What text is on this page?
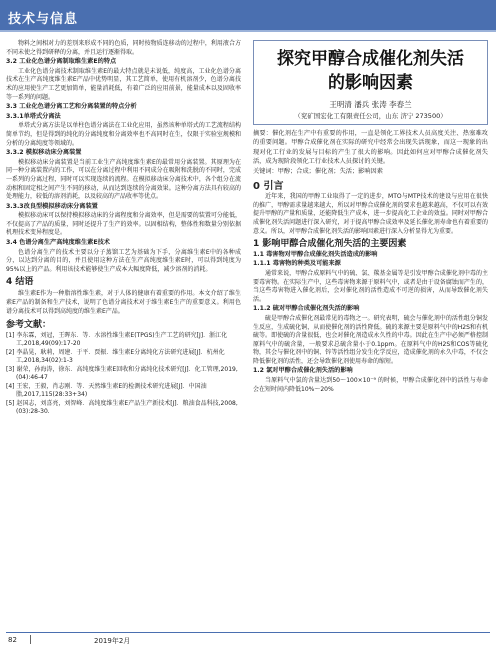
技术与信息

物料之间相对力的差别来形成不同的色质，同时按物质连移动的过程中，利用液合方不同未使之得到研释的分离，并且运行逐渐得取。

3.2 工业化色谱分离制取维生素E的特点

工业化色谱分离技术制取维生素E的最大特点就是未说低，纯度高，工业化色谱分离技术在生产高纯度维生素E产品中优势明显，其工艺简单，使用有机溶剂少，色谱分离技术的应用使生产工艺更加简单，能量消耗低，有着广泛的应用前景，能量成本以及固收率等一系列的问题。

3.3 工业化色谱分离工艺和分离装置的特点分析
3.3.1单塔式分离法

单塔式分离方法是以单柱色谱分离法在工业化应用，虽然该种单塔式的工艺流程结构简单节约，但是得到的纯化的分离纯度和分离效率也不高同时在生，仅限于实验室规模和分析的分离纯度等领域的。

3.3.2 模拟移动床分离装置

模拟移动床分离装置是当前工业生产高纯度维生素E的最常用分离装置。其原理为在同一种分离装置内的工作，可以在分离过程中利用不同成分在吸附和洗脱的不同时，完成一系列的分离过程，同时可以实现连续的流程。在模拟移动床分离技术中，各个组分在流动相和固定相之间产生不同的移动，从而达到连续的分离效果。这种分离方法具有较高的处理能力，较低的溶剂消耗，以及较高的产品收率等优点。

3.3.3改良型模拟移动床分离装置

模拟移动床可以保持模拟移动床的分离程度和分离效率，但是需要的装置可分能低，不仅提高了产品的质量，同时还提升了生产的效率。以固相结构，整体性和数量分别依据机理技术变异程度是。

3.4 色谱分离生产高纯度维生素E技术

色谱分离生产的技术主要以分子蒸馏工艺为基础为下手，分离维生素E中的各种成分，以达到分离的目的，并且使用这种方法在生产高纯度维生素E时，可以得到纯度为95%以上的产品。利用该技术能够使生产成本大幅度降低，减少溶剂的消耗。

4 结语

维生素E作为一种脂溶性维生素，对于人体的健康有着重要的作用。本文介绍了维生素E产品的制备和生产技术，说明了色谱分离技术对于维生素E生产的重要意义。利用色谱分离技术可以得到高纯度的维生素E产品。

参考文献：

[1] 李东霖，刘冠，王晖东．等．水溶性维生素E(TPGS)生产工艺的研究[J]．浙江化工,2018,49(09):17-20

[2] 李晶晃，耿莉，周建．于平．贾振．维生素E分离纯化方法研究进展[J]．杭州化工,2018,34(02):1-3

[3] 谢荣，孙海涛，徐东．高纯度维生素E回收和分离纯化技术研究[J]．化工管理,2019,(04):46-47

[4] 王宏，王毅，肖志刚．等．天然维生素E的检测技术研究进展[J]．中国油脂,2017,115(28:33+34)

[5] 赵国志，刘喜亮，刘智峰．高纯度维生素E产品生产新技术[J]．粮油食品科技,2008,(03):28-30.

探究甲醇合成催化剂失活
的影响因素
王明清 潘兵 张涛 李春兰
（兖矿国宏化工有限责任公司，山东 济宁 273500）

摘要：催化剂在生产中有重要的作用，一直是领化工界技术人员高度关注、热塞难攻的重要问题。甲醇合成催化剂在实际的研究中经常会出现失活现象，而这一现象的出现对化工行业的发展与目标的产生了很大的影响。因此如何应对甲醇合成催化剂失活，成为现阶段领化工行业技术人员探讨的关键。

关键词：甲醇；合成；催化剂；失活；影响因素
0 引言

近年来，我国的甲醇工业取得了一定的进步，MTO与MTP技术的建设与应用在很快的推广，甲醇需求量越来越大，所以对甲醇合成催化剂的要求也越来越高，不仅可以有效提升甲醇的产量和质量，还能降低生产成本，进一步提高化工企业的效益。同时对甲醇合成催化剂失活问题进行深入研究，对于提高甲醇合成效率及延长催化剂寿命也有着重要的意义。所以，对甲醇合成催化剂失活的影响因素进行深入分析显得尤为重要。

1 影响甲醇合成催化剂失活的主要因素
1.1 毒害物对甲醇合成催化剂失活造成的影响
1.1.1 毒害物的种类及可能来源

通常来说，甲醇合成原料气中的硫、氯、羰基金属等是引发甲醇合成催化剂中毒的主要毒害物。在实际生产中，这些毒害物来源于原料气中，或者是由于设备腐蚀而产生的，当这些毒害物进入催化剂后，会对催化剂的活性造成不可逆的损害，从而导致催化剂失活。

1.1.2 硫对甲醇合成催化剂失活的影响

硫是甲醇合成催化剂最常见的毒物之一。研究表明，硫会与催化剂中的活性组分铜发生反应，生成硫化铜，从而使催化剂的活性降低。硫的来源主要是原料气中的H2S和有机硫等。即使硫的含量很低，也会对催化剂造成永久性的中毒。因此在生产中必须严格控制原料气中的硫含量，一般要求总硫含量小于0.1ppm。在原料气中的H2S和COS等硫化物，其会与催化剂中的铜、锌等活性组分发生化学反应，造成催化剂的永久中毒，不仅会降低催化剂的活性，还会导致催化剂使用寿命的缩短。

1.2 氯对甲醇合成催化剂失活的影响

当原料气中氯的含量达到50～100×10⁻⁹ 的时候，甲醇合成催化剂中的活性与寿命会在短时间内降低10%～20%

82	2019年2月
